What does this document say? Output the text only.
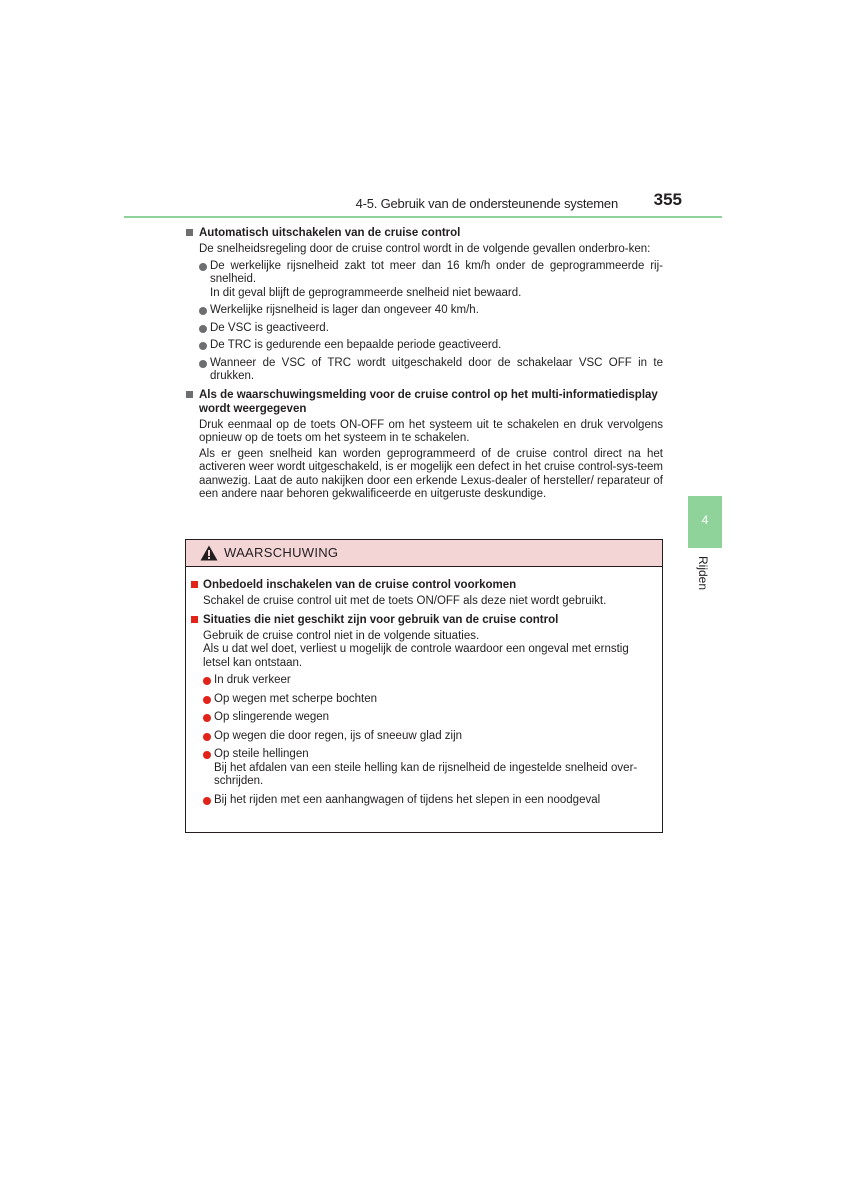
4-5. Gebruik van de ondersteunende systemen 355
4
Rijden
Automatisch uitschakelen van de cruise control
De snelheidsregeling door de cruise control wordt in de volgende gevallen onderbro-ken:
De werkelijke rijsnelheid zakt tot meer dan 16 km/h onder de geprogrammeerde rij-snelheid.
In dit geval blijft de geprogrammeerde snelheid niet bewaard.
Werkelijke rijsnelheid is lager dan ongeveer 40 km/h.
De VSC is geactiveerd.
De TRC is gedurende een bepaalde periode geactiveerd.
Wanneer de VSC of TRC wordt uitgeschakeld door de schakelaar VSC OFF in te drukken.
Als de waarschuwingsmelding voor de cruise control op het multi-informatiedisplay wordt weergegeven
Druk eenmaal op de toets ON-OFF om het systeem uit te schakelen en druk vervolgens opnieuw op de toets om het systeem in te schakelen.
Als er geen snelheid kan worden geprogrammeerd of de cruise control direct na het activeren weer wordt uitgeschakeld, is er mogelijk een defect in het cruise control-sys-teem aanwezig. Laat de auto nakijken door een erkende Lexus-dealer of hersteller/ reparateur of een andere naar behoren gekwalificeerde en uitgeruste deskundige.
WAARSCHUWING
Onbedoeld inschakelen van de cruise control voorkomen
Schakel de cruise control uit met de toets ON/OFF als deze niet wordt gebruikt.
Situaties die niet geschikt zijn voor gebruik van de cruise control
Gebruik de cruise control niet in de volgende situaties.
Als u dat wel doet, verliest u mogelijk de controle waardoor een ongeval met ernstig letsel kan ontstaan.
In druk verkeer
Op wegen met scherpe bochten
Op slingerende wegen
Op wegen die door regen, ijs of sneeuw glad zijn
Op steile hellingen
Bij het afdalen van een steile helling kan de rijsnelheid de ingestelde snelheid over-schrijden.
Bij het rijden met een aanhangwagen of tijdens het slepen in een noodgeval
